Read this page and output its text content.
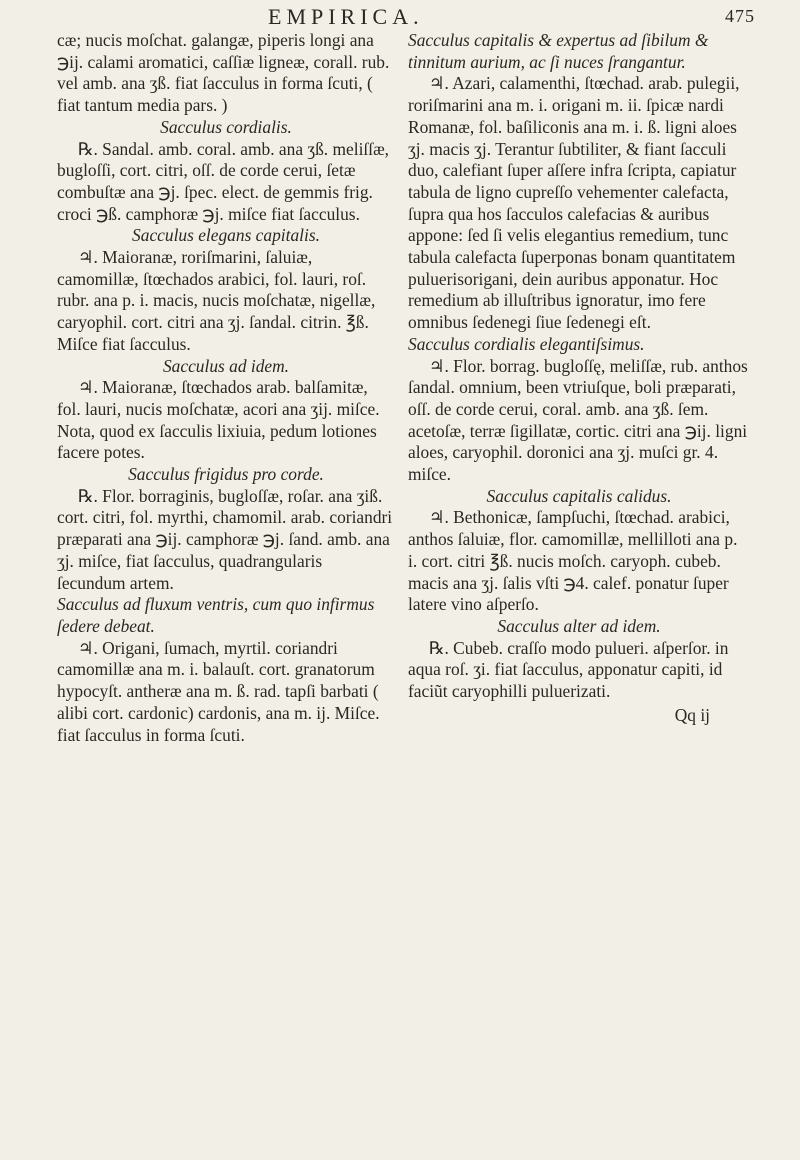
EMPIRICA.	475
cæ; nucis moſchat. galangæ, piperis longi ana ℈ij. calami aromatici, caſſiæ ligneæ, corall. rub. vel amb. ana ʒß. fiat ſacculus in forma ſcuti, ( fiat tantum media pars. )
Sacculus cordialis.
℞. Sandal. amb. coral. amb. ana ʒß. meliſſæ, bugloſſi, cort. citri, oſſ. de corde cerui, ſetæ combuſtæ ana ℈j. ſpec. elect. de gemmis frig. croci ℈ß. camphoræ ℈j. miſce fiat ſacculus.
Sacculus elegans capitalis.
♃. Maioranæ, roriſmarini, ſaluiæ, camomillæ, ſtœchados arabici, fol. lauri, roſ. rubr. ana p. i. macis, nucis moſchatæ, nigellæ, caryophil. cort. citri ana ʒj. ſandal. citrin. ℥ß. Miſce fiat ſacculus.
Sacculus ad idem.
♃. Maioranæ, ſtœchados arab. balſamitæ, fol. lauri, nucis moſchatæ, acori ana ʒij. miſce. Nota, quod ex ſacculis lixiuia, pedum lotiones facere potes.
Sacculus frigidus pro corde.
℞. Flor. borraginis, bugloſſæ, roſar. ana ʒiß. cort. citri, fol. myrthi, chamomil. arab. coriandri præparati ana ℈ij. camphoræ ℈j. ſand. amb. ana ʒj. miſce, fiat ſacculus, quadrangularis ſecundum artem.
Sacculus ad fluxum ventris, cum quo infirmus ſedere debeat.
♃. Origani, ſumach, myrtil. coriandri camomillæ ana m. i. balauſt. cort. granatorum hypocyſt. antheræ ana m. ß. rad. tapſi barbati ( alibi cort. cardonic) cardonis, ana m. ij. Miſce. fiat ſacculus in forma ſcuti.
Sacculus capitalis & expertus ad ſibilum & tinnitum aurium, ac ſi nuces ſrangantur.
♃. Azari, calamenthi, ſtœchad. arab. pulegii, roriſmarini ana m. i. origani m. ii. ſpicæ nardi Romanæ, fol. baſiliconis ana m. i. ß. ligni aloes ʒj. macis ʒj. Terantur ſubtiliter, & fiant ſacculi duo, calefiant ſuper aſſere infra ſcripta, capiatur tabula de ligno cupreſſo vehementer calefacta, ſupra qua hos ſacculos calefacias & auribus appone: ſed ſi velis elegantius remedium, tunc tabula calefacta ſuperponas bonam quantitatem puluerisorigani, dein auribus apponatur. Hoc remedium ab illuſtribus ignoratur, imo fere omnibus ſedenegi ſiue ſedenegi eſt.
Sacculus cordialis elegantiſsimus.
♃. Flor. borrag. bugloſſę, meliſſæ, rub. anthos ſandal. omnium, been vtriuſque, boli præparati, oſſ. de corde cerui, coral. amb. ana ʒß. ſem. acetoſæ, terræ ſigillatæ, cortic. citri ana ℈ij. ligni aloes, caryophil. doronici ana ʒj. muſci gr. 4. miſce.
Sacculus capitalis calidus.
♃. Bethonicæ, ſampſuchi, ſtœchad. arabici, anthos ſaluiæ, flor. camomillæ, mellilloti ana p. i. cort. citri ℥ß. nucis moſch. caryoph. cubeb. macis ana ʒj. ſalis vſti ℈4. calef. ponatur ſuper latere vino aſperſo.
Sacculus alter ad idem.
℞. Cubeb. craſſo modo pulueri. aſperſor. in aqua roſ. ʒi. fiat ſacculus, apponatur capiti, id faciũt caryophilli puluerizati.
Qq ij
